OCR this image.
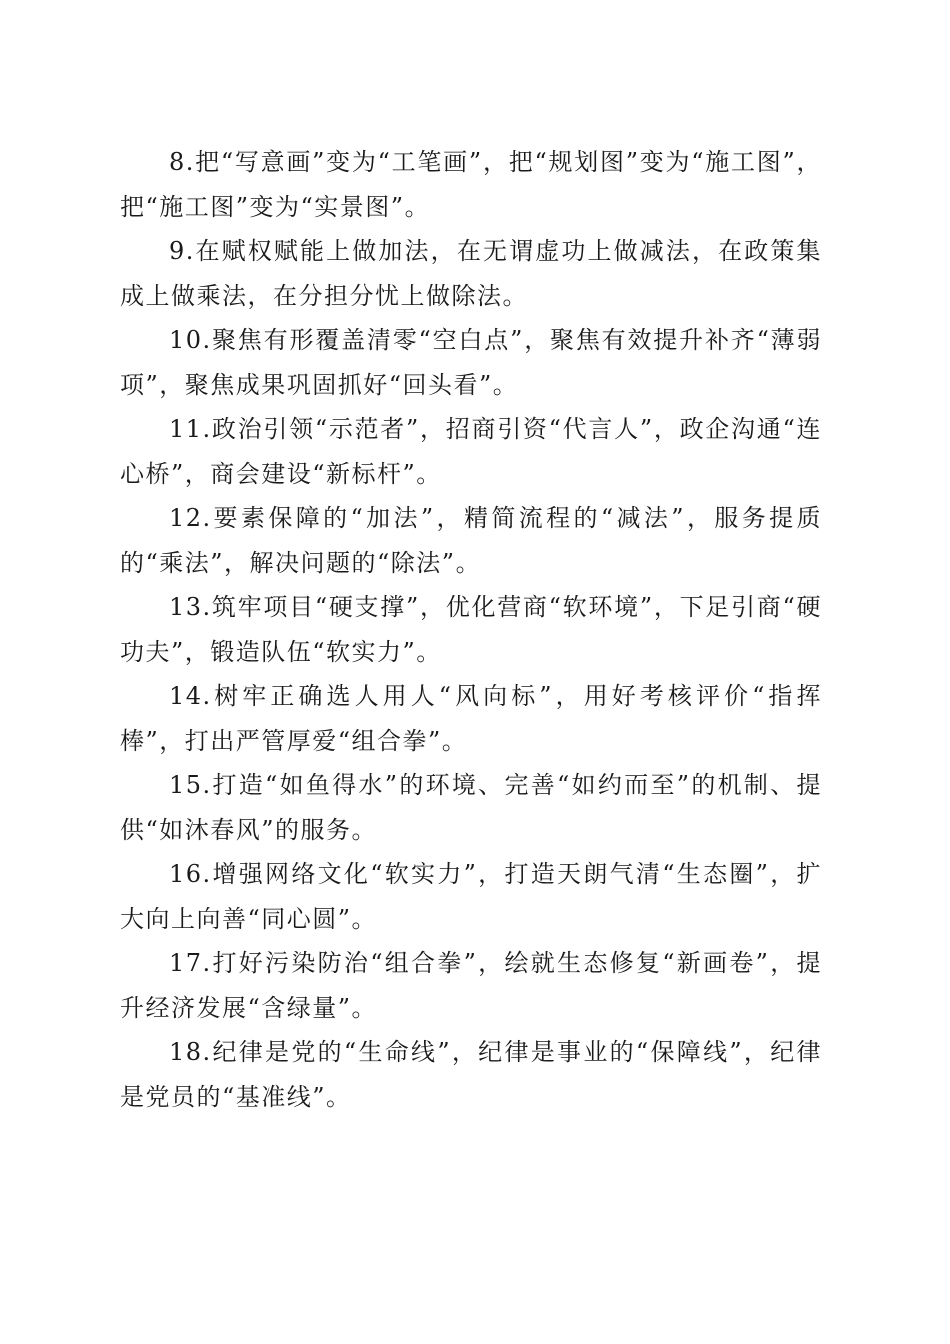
8.把“写意画”变为“工笔画”，把“规划图”变为“施工图”，把“施工图”变为“实景图”。

9.在赋权赋能上做加法，在无谓虚功上做减法，在政策集成上做乘法，在分担分忧上做除法。

10.聚焦有形覆盖清零“空白点”，聚焦有效提升补齐“薄弱项”，聚焦成果巩固抓好“回头看”。

11.政治引领“示范者”，招商引资“代言人”，政企沟通“连心桥”，商会建设“新标杆”。

12.要素保障的“加法”，精简流程的“减法”，服务提质的“乘法”，解决问题的“除法”。

13.筑牢项目“硬支撑”，优化营商“软环境”，下足引商“硬功夫”，锻造队伍“软实力”。

14.树牢正确选人用人“风向标”，用好考核评价“指挥棒”，打出严管厚爱“组合拳”。

15.打造“如鱼得水”的环境、完善“如约而至”的机制、提供“如沐春风”的服务。

16.增强网络文化“软实力”，打造天朗气清“生态圈”，扩大向上向善“同心圆”。

17.打好污染防治“组合拳”，绘就生态修复“新画卷”，提升经济发展“含绿量”。

18.纪律是党的“生命线”，纪律是事业的“保障线”，纪律是党员的“基准线”。
